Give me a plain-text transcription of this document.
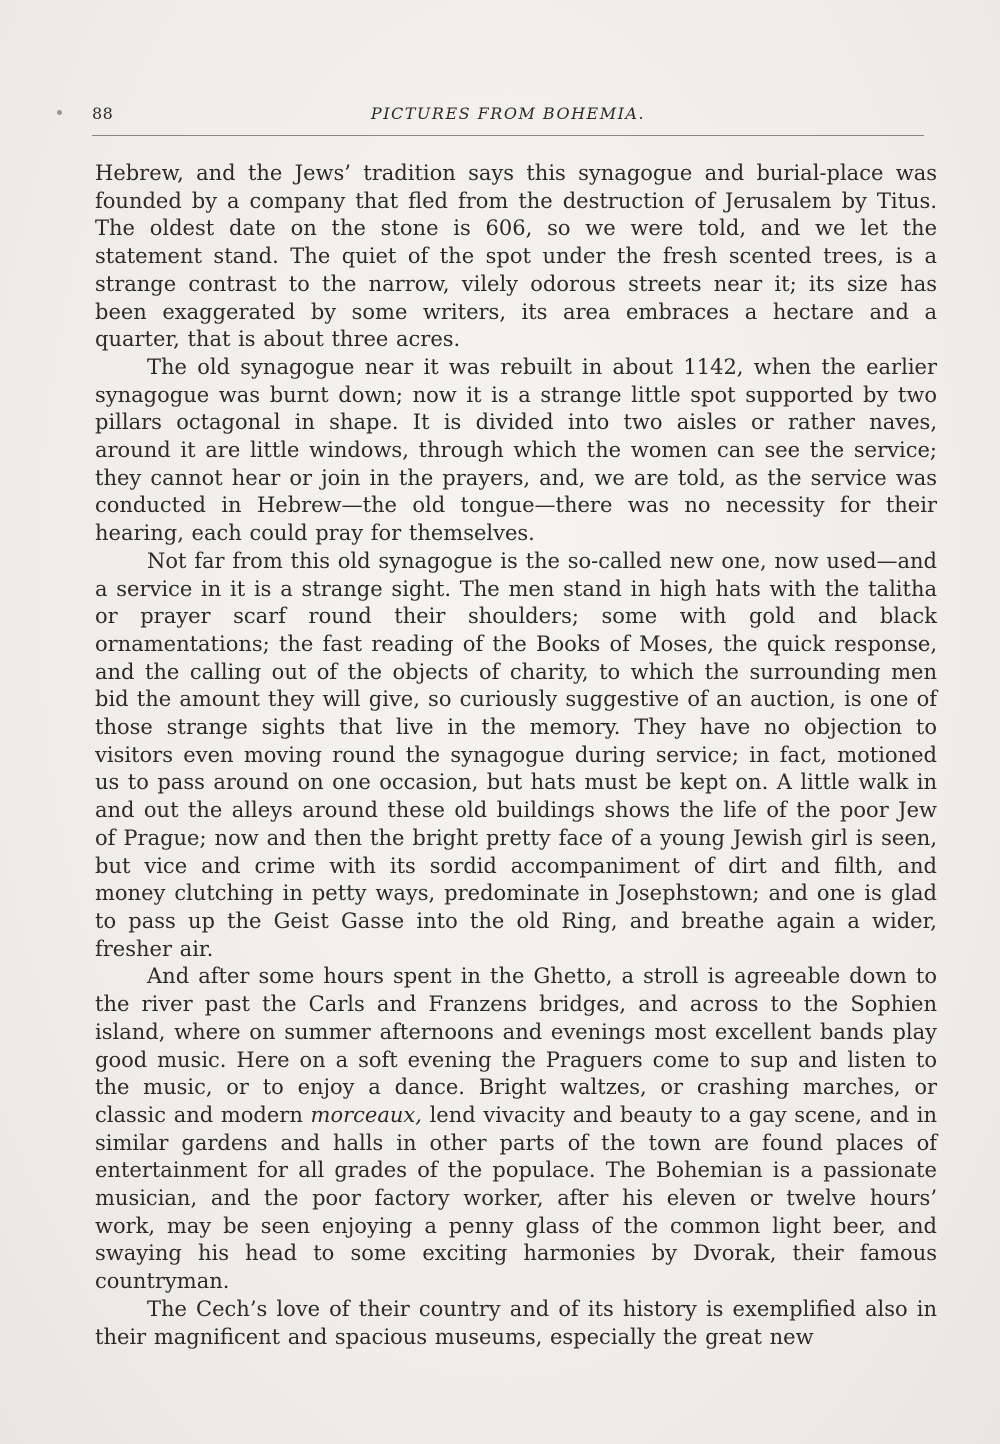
88	PICTURES FROM BOHEMIA.

Hebrew, and the Jews’ tradition says this synagogue and burial-place was founded by a company that fled from the destruction of Jerusalem by Titus. The oldest date on the stone is 606, so we were told, and we let the statement stand. The quiet of the spot under the fresh scented trees, is a strange contrast to the narrow, vilely odorous streets near it; its size has been exaggerated by some writers, its area embraces a hectare and a quarter, that is about three acres.

The old synagogue near it was rebuilt in about 1142, when the earlier synagogue was burnt down; now it is a strange little spot supported by two pillars octagonal in shape. It is divided into two aisles or rather naves, around it are little windows, through which the women can see the service; they cannot hear or join in the prayers, and, we are told, as the service was conducted in Hebrew—the old tongue—there was no necessity for their hearing, each could pray for themselves.

Not far from this old synagogue is the so-called new one, now used—and a service in it is a strange sight. The men stand in high hats with the talitha or prayer scarf round their shoulders; some with gold and black ornamentations; the fast reading of the Books of Moses, the quick response, and the calling out of the objects of charity, to which the surrounding men bid the amount they will give, so curiously suggestive of an auction, is one of those strange sights that live in the memory. They have no objection to visitors even moving round the synagogue during service; in fact, motioned us to pass around on one occasion, but hats must be kept on. A little walk in and out the alleys around these old buildings shows the life of the poor Jew of Prague; now and then the bright pretty face of a young Jewish girl is seen, but vice and crime with its sordid accompaniment of dirt and filth, and money clutching in petty ways, predominate in Josephstown; and one is glad to pass up the Geist Gasse into the old Ring, and breathe again a wider, fresher air.

And after some hours spent in the Ghetto, a stroll is agreeable down to the river past the Carls and Franzens bridges, and across to the Sophien island, where on summer afternoons and evenings most excellent bands play good music. Here on a soft evening the Praguers come to sup and listen to the music, or to enjoy a dance. Bright waltzes, or crashing marches, or classic and modern morceaux, lend vivacity and beauty to a gay scene, and in similar gardens and halls in other parts of the town are found places of entertainment for all grades of the populace. The Bohemian is a passionate musician, and the poor factory worker, after his eleven or twelve hours’ work, may be seen enjoying a penny glass of the common light beer, and swaying his head to some exciting harmonies by Dvorak, their famous countryman.

The Cech’s love of their country and of its history is exemplified also in their magnificent and spacious museums, especially the great new
